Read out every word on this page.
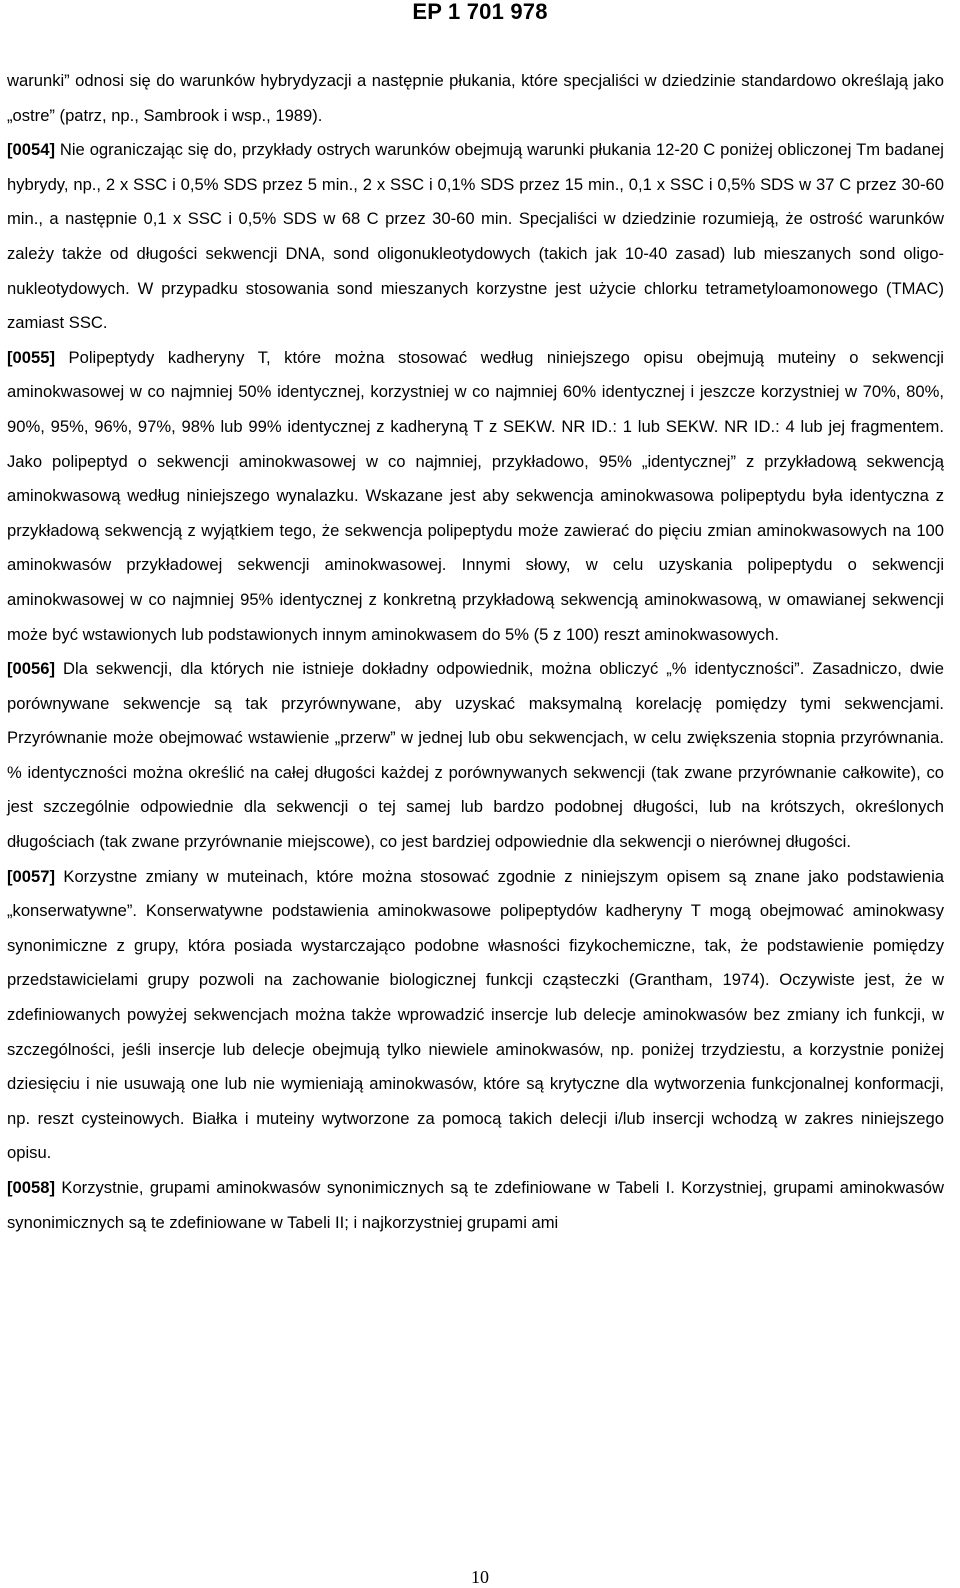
EP 1 701 978

warunki” odnosi się do warunków hybrydyzacji a następnie płukania, które specjaliści w dziedzinie standardowo określają jako „ostre” (patrz, np., Sambrook i wsp., 1989).

[0054] Nie ograniczając się do, przykłady ostrych warunków obejmują warunki płukania 12-20 C poniżej obliczonej Tm badanej hybrydy, np., 2 x SSC i 0,5% SDS przez 5 min., 2 x SSC i 0,1% SDS przez 15 min., 0,1 x SSC i 0,5% SDS w 37 C przez 30-60 min., a następnie 0,1 x SSC i 0,5% SDS w 68 C przez 30-60 min. Specjaliści w dziedzinie rozumieją, że ostrość warunków zależy także od długości sekwencji DNA, sond oligonukleotydowych (takich jak 10-40 zasad) lub mieszanych sond oligonukleotydowych. W przypadku stosowania sond mieszanych korzystne jest użycie chlorku tetrametyloamonowego (TMAC) zamiast SSC.

[0055] Polipeptydy kadheryny T, które można stosować według niniejszego opisu obejmują muteiny o sekwencji aminokwasowej w co najmniej 50% identycznej, korzystniej w co najmniej 60% identycznej i jeszcze korzystniej w 70%, 80%, 90%, 95%, 96%, 97%, 98% lub 99% identycznej z kadheryną T z SEKW. NR ID.: 1 lub SEKW. NR ID.: 4 lub jej fragmentem. Jako polipeptyd o sekwencji aminokwasowej w co najmniej, przykładowo, 95% „identycznej” z przykładową sekwencją aminokwasową według niniejszego wynalazku. Wskazane jest aby sekwencja aminokwasowa polipeptydu była identyczna z przykładową sekwencją z wyjątkiem tego, że sekwencja polipeptydu może zawierać do pięciu zmian aminokwasowych na 100 aminokwasów przykładowej sekwencji aminokwasowej. Innymi słowy, w celu uzyskania polipeptydu o sekwencji aminokwasowej w co najmniej 95% identycznej z konkretną przykładową sekwencją aminokwasową, w omawianej sekwencji może być wstawionych lub podstawionych innym aminokwasem do 5% (5 z 100) reszt aminokwasowych.

[0056] Dla sekwencji, dla których nie istnieje dokładny odpowiednik, można obliczyć „% identyczności”. Zasadniczo, dwie porównywane sekwencje są tak przyrównywane, aby uzyskać maksymalną korelację pomiędzy tymi sekwencjami. Przyrównanie może obejmować wstawienie „przerw” w jednej lub obu sekwencjach, w celu zwiększenia stopnia przyrównania. % identyczności można określić na całej długości każdej z porównywanych sekwencji (tak zwane przyrównanie całkowite), co jest szczególnie odpowiednie dla sekwencji o tej samej lub bardzo podobnej długości, lub na krótszych, określonych długościach (tak zwane przyrównanie miejscowe), co jest bardziej odpowiednie dla sekwencji o nierównej długości.

[0057] Korzystne zmiany w muteinach, które można stosować zgodnie z niniejszym opisem są znane jako podstawienia „konserwatywne”. Konserwatywne podstawienia aminokwasowe polipeptydów kadheryny T mogą obejmować aminokwasy synonimiczne z grupy, która posiada wystarczająco podobne własności fizykochemiczne, tak, że podstawienie pomiędzy przedstawicielami grupy pozwoli na zachowanie biologicznej funkcji cząsteczki (Grantham, 1974). Oczywiste jest, że w zdefiniowanych powyżej sekwencjach można także wprowadzić insercje lub delecje aminokwasów bez zmiany ich funkcji, w szczególności, jeśli insercje lub delecje obejmują tylko niewiele aminokwasów, np. poniżej trzydziestu, a korzystnie poniżej dziesięciu i nie usuwają one lub nie wymieniają aminokwasów, które są krytyczne dla wytworzenia funkcjonalnej konformacji, np. reszt cysteinowych. Białka i muteiny wytworzone za pomocą takich delecji i/lub insercji wchodzą w zakres niniejszego opisu.

[0058] Korzystnie, grupami aminokwasów synonimicznych są te zdefiniowane w Tabeli I. Korzystniej, grupami aminokwasów synonimicznych są te zdefiniowane w Tabeli II; i najkorzystniej grupami ami

10
